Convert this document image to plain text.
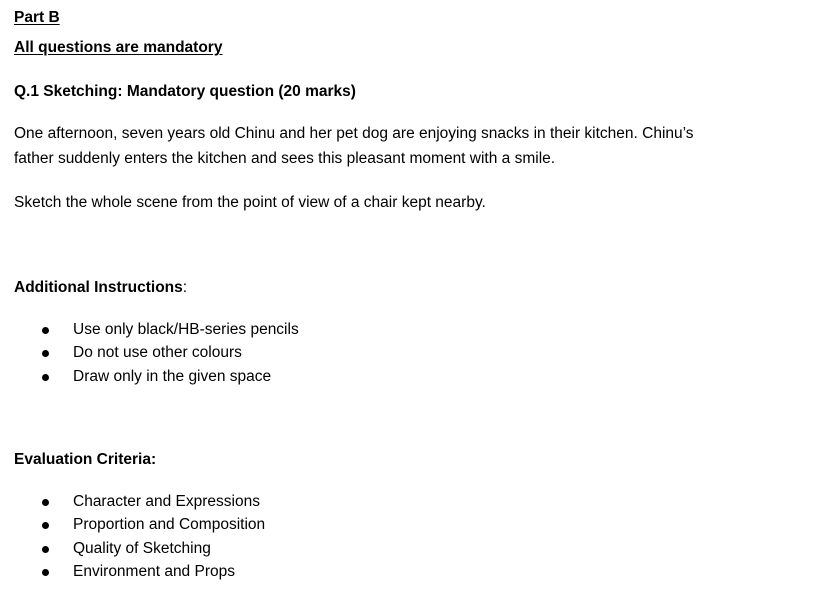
Part B
All questions are mandatory
Q.1 Sketching: Mandatory question (20 marks)
One afternoon, seven years old Chinu and her pet dog are enjoying snacks in their kitchen. Chinu’s
father suddenly enters the kitchen and sees this pleasant moment with a smile.
Sketch the whole scene from the point of view of a chair kept nearby.
Additional Instructions:
Use only black/HB-series pencils
Do not use other colours
Draw only in the given space
Evaluation Criteria:
Character and Expressions
Proportion and Composition
Quality of Sketching
Environment and Props
